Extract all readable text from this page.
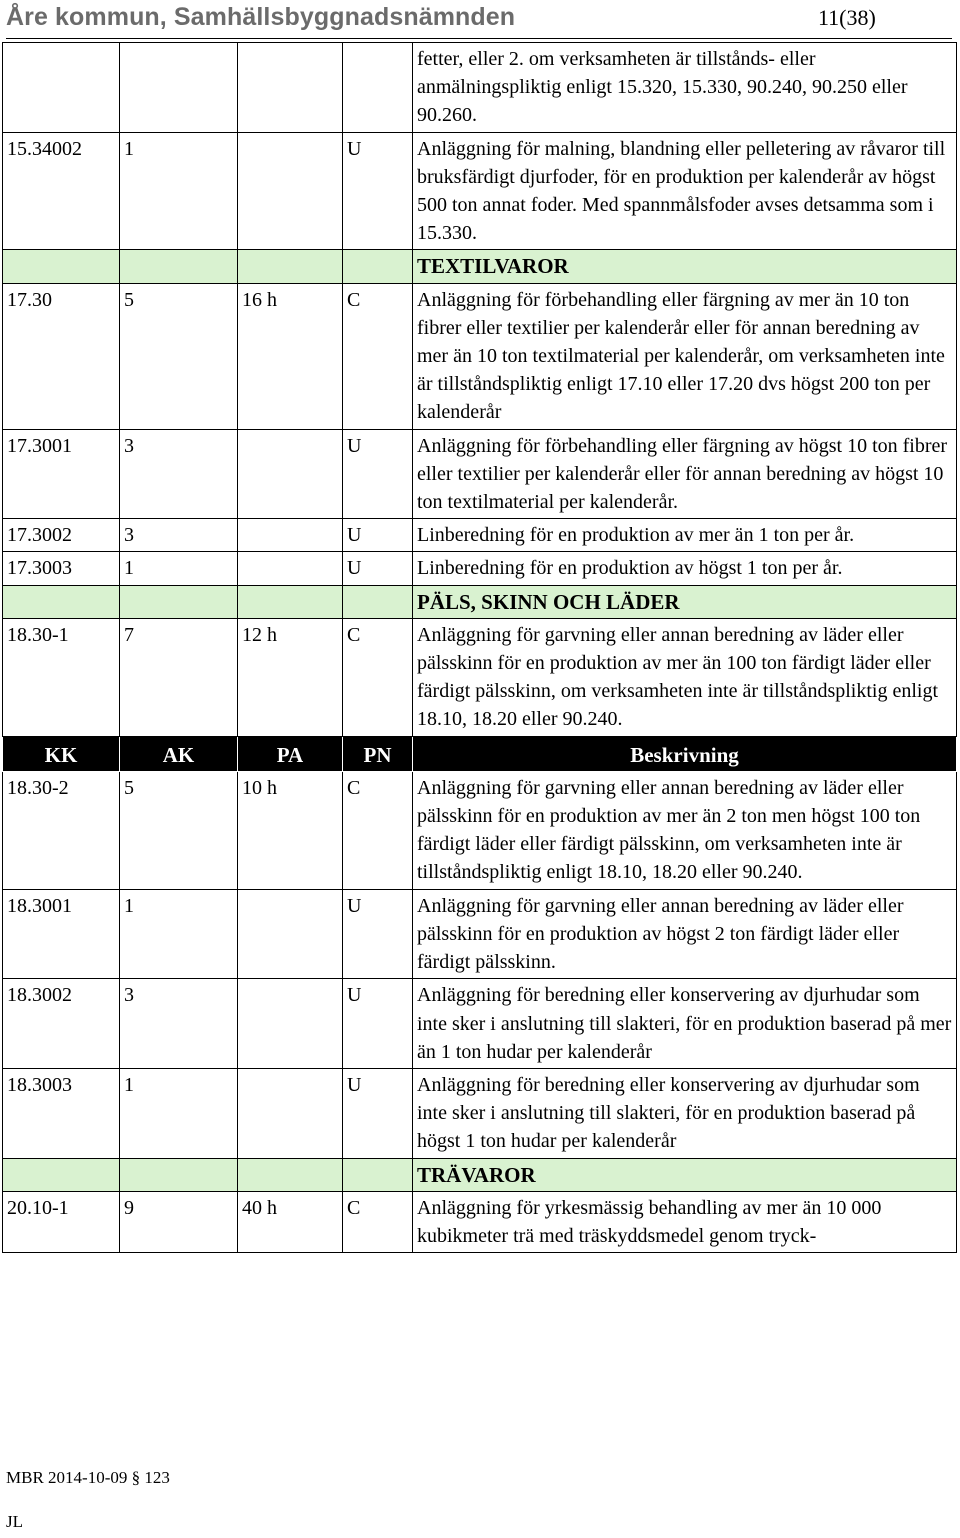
Åre kommun, Samhällsbyggnadsnämnden	11(38)
				fetter, eller 2. om verksamheten är tillstånds- eller anmälningspliktig enligt 15.320, 15.330, 90.240, 90.250 eller 90.260.
15.34002	1		U	Anläggning för malning, blandning eller pelletering av råvaror till bruksfärdigt djurfoder, för en produktion per kalenderår av högst 500 ton annat foder. Med spannmålsfoder avses detsamma som i 15.330.
				TEXTILVAROR
17.30	5	16 h	C	Anläggning för förbehandling eller färgning av mer än 10 ton fibrer eller textilier per kalenderår eller för annan beredning av mer än 10 ton textilmaterial per kalenderår, om verksamheten inte är tillståndspliktig enligt 17.10 eller 17.20 dvs högst 200 ton per kalenderår
17.3001	3		U	Anläggning för förbehandling eller färgning av högst 10 ton fibrer eller textilier per kalenderår eller för annan beredning av högst 10 ton textilmaterial per kalenderår.
17.3002	3		U	Linberedning för en produktion av mer än 1 ton per år.
17.3003	1		U	Linberedning för en produktion av högst 1 ton per år.
				PÄLS, SKINN OCH LÄDER
18.30-1	7	12 h	C	Anläggning för garvning eller annan beredning av läder eller pälsskinn för en produktion av mer än 100 ton färdigt läder eller färdigt pälsskinn, om verksamheten inte är tillståndspliktig enligt 18.10, 18.20 eller 90.240.
KK	AK	PA	PN	Beskrivning
18.30-2	5	10 h	C	Anläggning för garvning eller annan beredning av läder eller pälsskinn för en produktion av mer än 2 ton men högst 100 ton färdigt läder eller färdigt pälsskinn, om verksamheten inte är tillståndspliktig enligt 18.10, 18.20 eller 90.240.
18.3001	1		U	Anläggning för garvning eller annan beredning av läder eller pälsskinn för en produktion av högst 2 ton färdigt läder eller färdigt pälsskinn.
18.3002	3		U	Anläggning för beredning eller konservering av djurhudar som inte sker i anslutning till slakteri, för en produktion baserad på mer än 1 ton hudar per kalenderår
18.3003	1		U	Anläggning för beredning eller konservering av djurhudar som inte sker i anslutning till slakteri, för en produktion baserad på högst 1 ton hudar per kalenderår
				TRÄVAROR
20.10-1	9	40 h	C	Anläggning för yrkesmässig behandling av mer än 10 000 kubikmeter trä med träskyddsmedel genom tryck-
MBR 2014-10-09 § 123
JL
